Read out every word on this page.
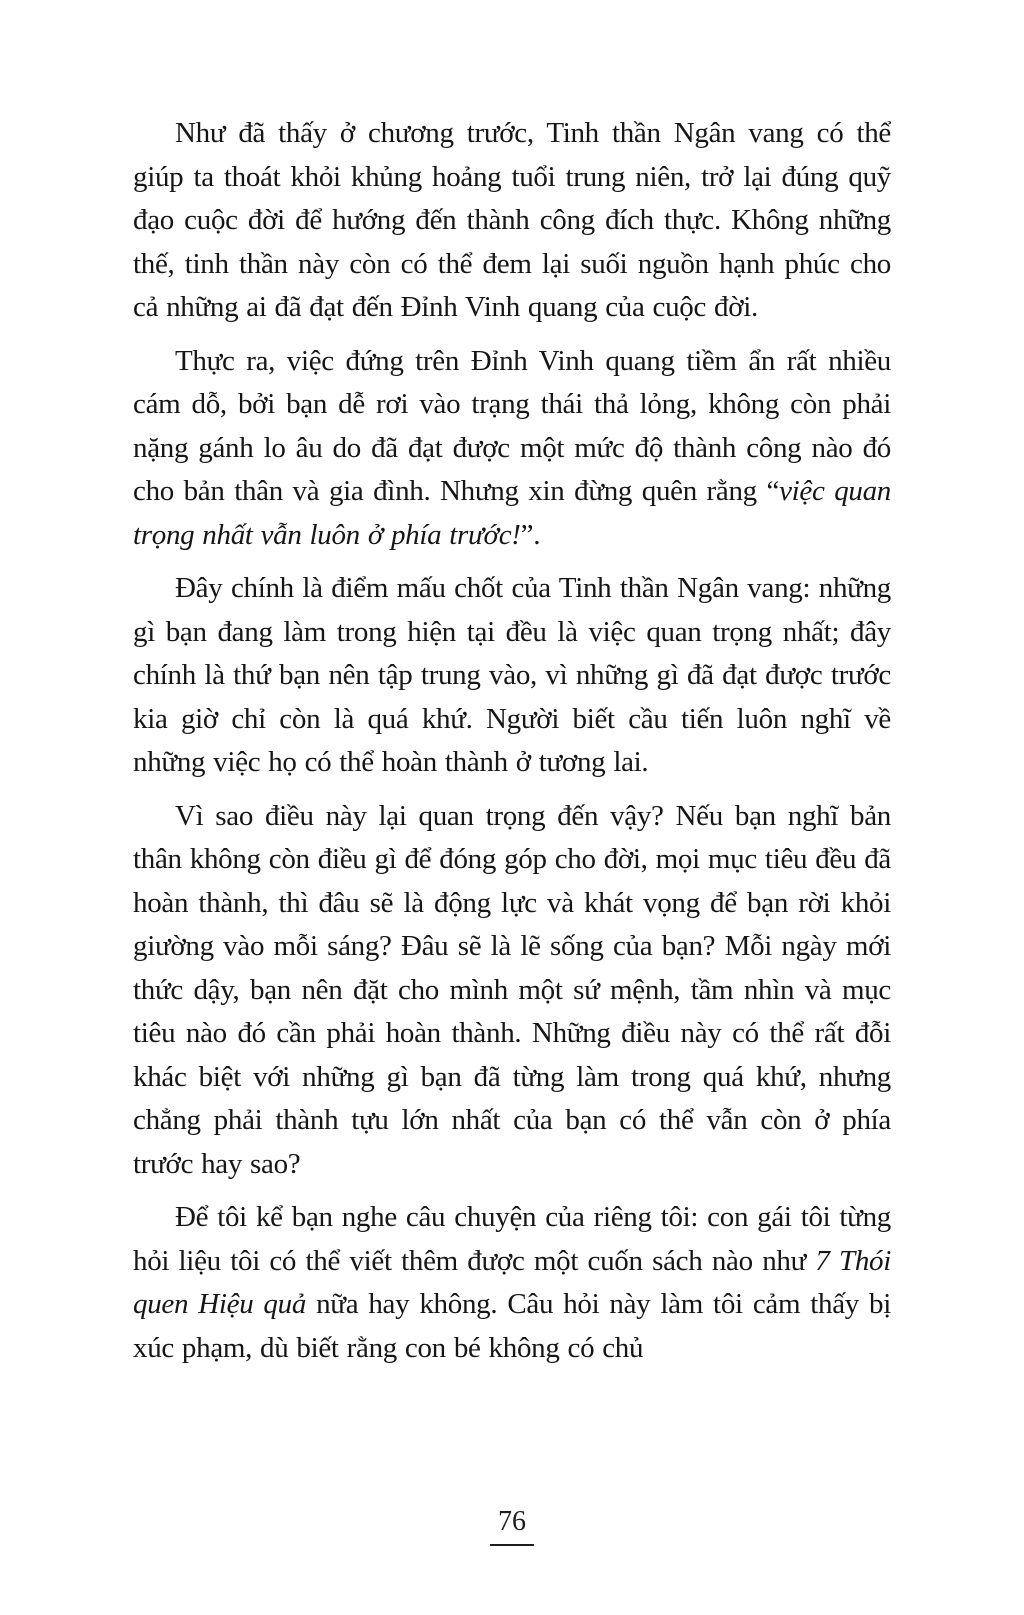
Như đã thấy ở chương trước, Tinh thần Ngân vang có thể giúp ta thoát khỏi khủng hoảng tuổi trung niên, trở lại đúng quỹ đạo cuộc đời để hướng đến thành công đích thực. Không những thế, tinh thần này còn có thể đem lại suối nguồn hạnh phúc cho cả những ai đã đạt đến Đỉnh Vinh quang của cuộc đời.

Thực ra, việc đứng trên Đỉnh Vinh quang tiềm ẩn rất nhiều cám dỗ, bởi bạn dễ rơi vào trạng thái thả lỏng, không còn phải nặng gánh lo âu do đã đạt được một mức độ thành công nào đó cho bản thân và gia đình. Nhưng xin đừng quên rằng “việc quan trọng nhất vẫn luôn ở phía trước!”.

Đây chính là điểm mấu chốt của Tinh thần Ngân vang: những gì bạn đang làm trong hiện tại đều là việc quan trọng nhất; đây chính là thứ bạn nên tập trung vào, vì những gì đã đạt được trước kia giờ chỉ còn là quá khứ. Người biết cầu tiến luôn nghĩ về những việc họ có thể hoàn thành ở tương lai.

Vì sao điều này lại quan trọng đến vậy? Nếu bạn nghĩ bản thân không còn điều gì để đóng góp cho đời, mọi mục tiêu đều đã hoàn thành, thì đâu sẽ là động lực và khát vọng để bạn rời khỏi giường vào mỗi sáng? Đâu sẽ là lẽ sống của bạn? Mỗi ngày mới thức dậy, bạn nên đặt cho mình một sứ mệnh, tầm nhìn và mục tiêu nào đó cần phải hoàn thành. Những điều này có thể rất đỗi khác biệt với những gì bạn đã từng làm trong quá khứ, nhưng chẳng phải thành tựu lớn nhất của bạn có thể vẫn còn ở phía trước hay sao?

Để tôi kể bạn nghe câu chuyện của riêng tôi: con gái tôi từng hỏi liệu tôi có thể viết thêm được một cuốn sách nào như 7 Thói quen Hiệu quả nữa hay không. Câu hỏi này làm tôi cảm thấy bị xúc phạm, dù biết rằng con bé không có chủ

76
